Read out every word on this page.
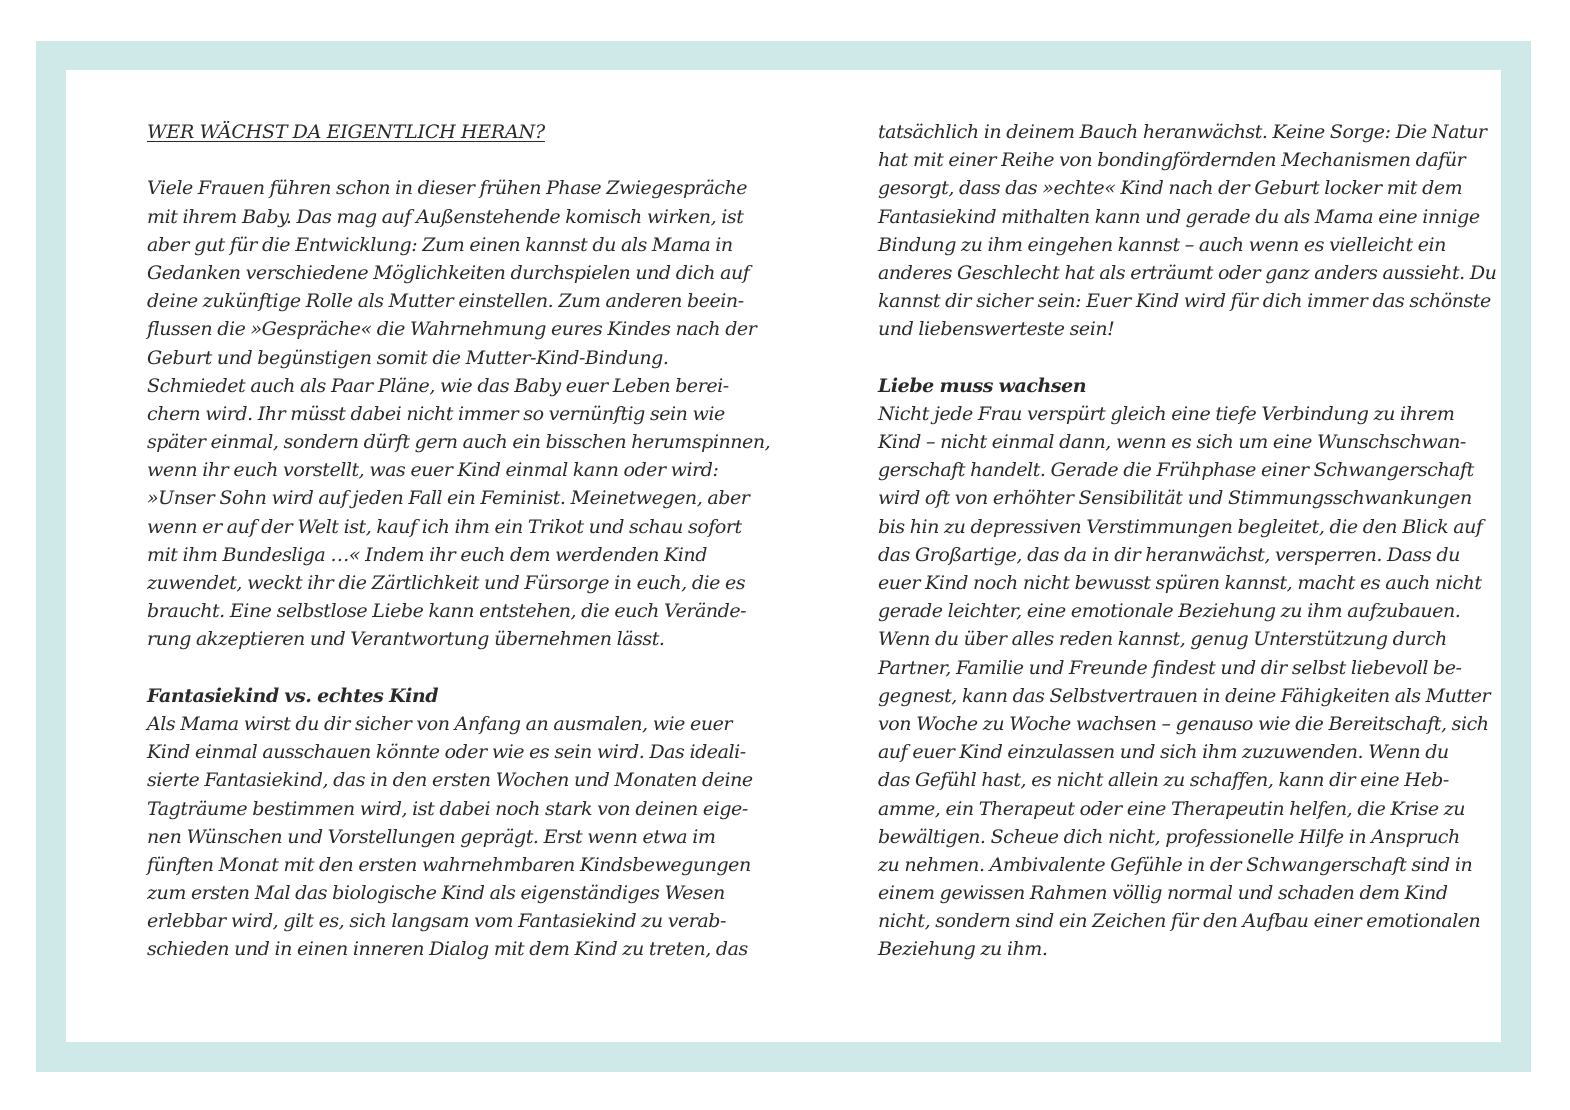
WER WÄCHST DA EIGENTLICH HERAN?
Viele Frauen führen schon in dieser frühen Phase Zwiegespräche
mit ihrem Baby. Das mag auf Außenstehende komisch wirken, ist
aber gut für die Entwicklung: Zum einen kannst du als Mama in
Gedanken verschiedene Möglichkeiten durchspielen und dich auf
deine zukünftige Rolle als Mutter einstellen. Zum anderen beein-
flussen die »Gespräche« die Wahrnehmung eures Kindes nach der
Geburt und begünstigen somit die Mutter-Kind-Bindung.
Schmiedet auch als Paar Pläne, wie das Baby euer Leben berei-
chern wird. Ihr müsst dabei nicht immer so vernünftig sein wie
später einmal, sondern dürft gern auch ein bisschen herumspinnen,
wenn ihr euch vorstellt, was euer Kind einmal kann oder wird:
»Unser Sohn wird auf jeden Fall ein Feminist. Meinetwegen, aber
wenn er auf der Welt ist, kauf ich ihm ein Trikot und schau sofort
mit ihm Bundesliga …« Indem ihr euch dem werdenden Kind
zuwendet, weckt ihr die Zärtlichkeit und Fürsorge in euch, die es
braucht. Eine selbstlose Liebe kann entstehen, die euch Verände-
rung akzeptieren und Verantwortung übernehmen lässt.
Fantasiekind vs. echtes Kind
Als Mama wirst du dir sicher von Anfang an ausmalen, wie euer
Kind einmal ausschauen könnte oder wie es sein wird. Das ideali-
sierte Fantasiekind, das in den ersten Wochen und Monaten deine
Tagträume bestimmen wird, ist dabei noch stark von deinen eige-
nen Wünschen und Vorstellungen geprägt. Erst wenn etwa im
fünften Monat mit den ersten wahrnehmbaren Kindsbewegungen
zum ersten Mal das biologische Kind als eigenständiges Wesen
erlebbar wird, gilt es, sich langsam vom Fantasiekind zu verab-
schieden und in einen inneren Dialog mit dem Kind zu treten, das
tatsächlich in deinem Bauch heranwächst. Keine Sorge: Die Natur
hat mit einer Reihe von bondingfördernden Mechanismen dafür
gesorgt, dass das »echte« Kind nach der Geburt locker mit dem
Fantasiekind mithalten kann und gerade du als Mama eine innige
Bindung zu ihm eingehen kannst – auch wenn es vielleicht ein
anderes Geschlecht hat als erträumt oder ganz anders aussieht. Du
kannst dir sicher sein: Euer Kind wird für dich immer das schönste
und liebenswerteste sein!
Liebe muss wachsen
Nicht jede Frau verspürt gleich eine tiefe Verbindung zu ihrem
Kind – nicht einmal dann, wenn es sich um eine Wunschschwan-
gerschaft handelt. Gerade die Frühphase einer Schwangerschaft
wird oft von erhöhter Sensibilität und Stimmungsschwankungen
bis hin zu depressiven Verstimmungen begleitet, die den Blick auf
das Großartige, das da in dir heranwächst, versperren. Dass du
euer Kind noch nicht bewusst spüren kannst, macht es auch nicht
gerade leichter, eine emotionale Beziehung zu ihm aufzubauen.
Wenn du über alles reden kannst, genug Unterstützung durch
Partner, Familie und Freunde findest und dir selbst liebevoll be-
gegnest, kann das Selbstvertrauen in deine Fähigkeiten als Mutter
von Woche zu Woche wachsen – genauso wie die Bereitschaft, sich
auf euer Kind einzulassen und sich ihm zuzuwenden. Wenn du
das Gefühl hast, es nicht allein zu schaffen, kann dir eine Heb-
amme, ein Therapeut oder eine Therapeutin helfen, die Krise zu
bewältigen. Scheue dich nicht, professionelle Hilfe in Anspruch
zu nehmen. Ambivalente Gefühle in der Schwangerschaft sind in
einem gewissen Rahmen völlig normal und schaden dem Kind
nicht, sondern sind ein Zeichen für den Aufbau einer emotionalen
Beziehung zu ihm.
